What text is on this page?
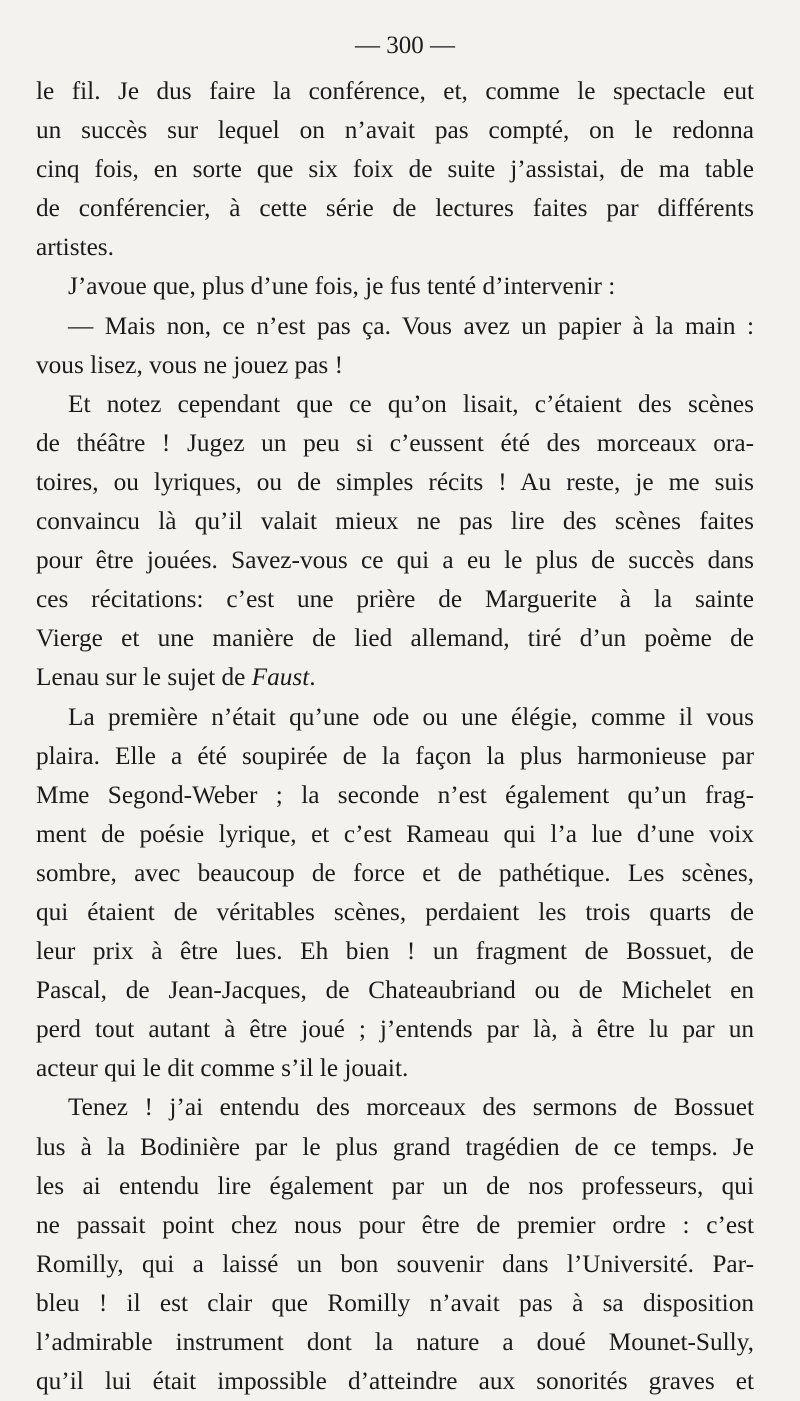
— 300 —
le fil. Je dus faire la conférence, et, comme le spectacle eut
un succès sur lequel on n’avait pas compté, on le redonna
cinq fois, en sorte que six foix de suite j’assistai, de ma table
de conférencier, à cette série de lectures faites par différents
artistes.
J’avoue que, plus d’une fois, je fus tenté d’intervenir :
— Mais non, ce n’est pas ça. Vous avez un papier à la main :
vous lisez, vous ne jouez pas !
Et notez cependant que ce qu’on lisait, c’étaient des scènes
de théâtre ! Jugez un peu si c’eussent été des morceaux ora-
toires, ou lyriques, ou de simples récits ! Au reste, je me suis
convaincu là qu’il valait mieux ne pas lire des scènes faites
pour être jouées. Savez-vous ce qui a eu le plus de succès dans
ces récitations: c’est une prière de Marguerite à la sainte
Vierge et une manière de lied allemand, tiré d’un poème de
Lenau sur le sujet de Faust.
La première n’était qu’une ode ou une élégie, comme il vous
plaira. Elle a été soupirée de la façon la plus harmonieuse par
Mme Segond-Weber ; la seconde n’est également qu’un frag-
ment de poésie lyrique, et c’est Rameau qui l’a lue d’une voix
sombre, avec beaucoup de force et de pathétique. Les scènes,
qui étaient de véritables scènes, perdaient les trois quarts de
leur prix à être lues. Eh bien ! un fragment de Bossuet, de
Pascal, de Jean-Jacques, de Chateaubriand ou de Michelet en
perd tout autant à être joué ; j’entends par là, à être lu par un
acteur qui le dit comme s’il le jouait.
Tenez ! j’ai entendu des morceaux des sermons de Bossuet
lus à la Bodinière par le plus grand tragédien de ce temps. Je
les ai entendu lire également par un de nos professeurs, qui
ne passait point chez nous pour être de premier ordre : c’est
Romilly, qui a laissé un bon souvenir dans l’Université. Par-
bleu ! il est clair que Romilly n’avait pas à sa disposition
l’admirable instrument dont la nature a doué Mounet-Sully,
qu’il lui était impossible d’atteindre aux sonorités graves et
